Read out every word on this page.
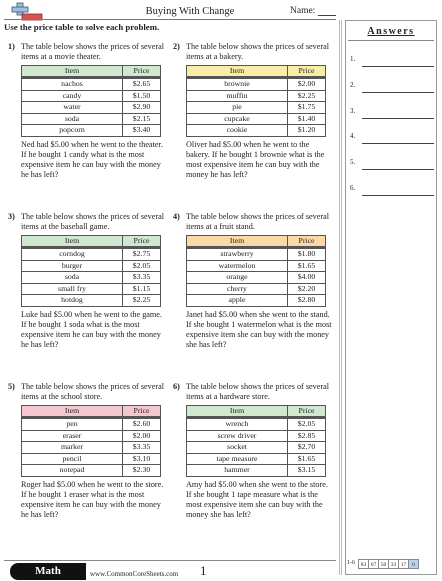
Buying With Change	Name:
Use the price table to solve each problem.	Answers
1.
2.
3.
4.
5.
6.
1) The table below shows the prices of several items at a movie theater.
Item	Price

nachos	$2.65
candy	$1.50
water	$2.90
soda	$2.15
popcorn	$3.40
Ned had $5.00 when he went to the theater. If he bought 1 candy what is the most expensive item he can buy with the money he has left?
2) The table below shows the prices of several items at a bakery.
Item	Price

brownie	$2.00
muffin	$2.25
pie	$1.75
cupcake	$1.40
cookie	$1.20
Oliver had $5.00 when he went to the bakery. If he bought 1 brownie what is the most expensive item he can buy with the money he has left?
3) The table below shows the prices of several items at the baseball game.
Item	Price

corndog	$2.75
burger	$2.05
soda	$3.35
small fry	$1.15
hotdog	$2.25
Luke had $5.00 when he went to the game. If he bought 1 soda what is the most expensive item he can buy with the money he has left?
4) The table below shows the prices of several items at a fruit stand.
Item	Price

strawberry	$1.80
watermelon	$1.65
orange	$4.00
cherry	$2.20
apple	$2.80
Janet had $5.00 when she went to the stand. If she bought 1 watermelon what is the most expensive item she can buy with the money she has left?
5) The table below shows the prices of several items at the school store.
Item	Price

pen	$2.60
eraser	$2.00
marker	$3.35
pencil	$3.10
notepad	$2.30
Roger had $5.00 when he went to the store. If he bought 1 eraser what is the most expensive item he can buy with the money he has left?
6) The table below shows the prices of several items at a hardware store.
Item	Price

wrench	$2.05
screw driver	$2.85
socket	$2.70
tape measure	$1.65
hammer	$3.15
Amy had $5.00 when she went to the store. If she bought 1 tape measure what is the most expensive item she can buy with the money she has left?
Math	www.CommonCoreSheets.com 1	1-6	83 67 50 33 17	0
